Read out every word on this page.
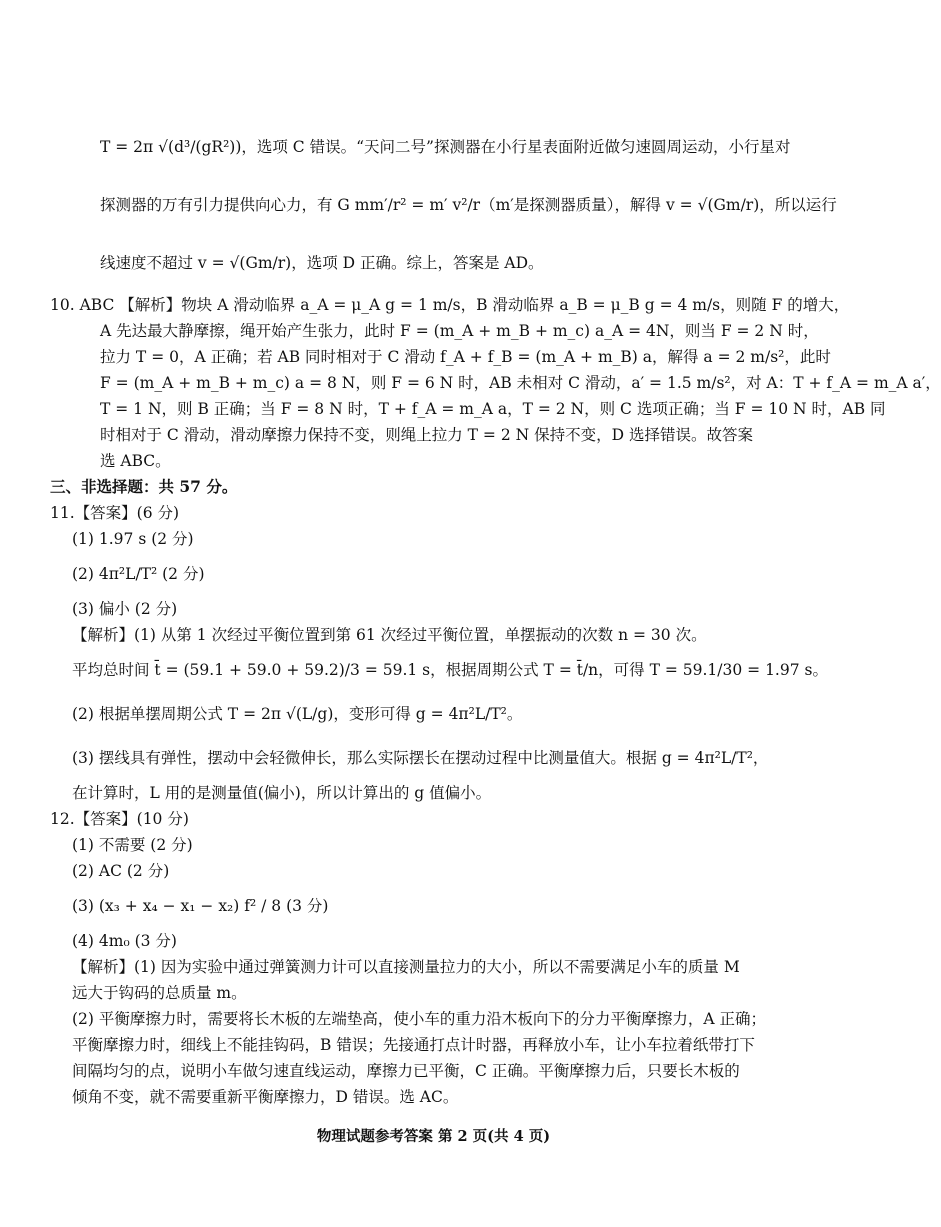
T = 2π √(d³/(gR²))，选项 C 错误。“天问二号”探测器在小行星表面附近做匀速圆周运动，小行星对
探测器的万有引力提供向心力，有 G mm′/r² = m′ v²/r（m′是探测器质量），解得 v = √(Gm/r)，所以运行
线速度不超过 v = √(Gm/r)，选项 D 正确。综上，答案是 AD。
10. ABC 【解析】物块 A 滑动临界 a_A = μ_A g = 1 m/s，B 滑动临界 a_B = μ_B g = 4 m/s，则随 F 的增大，
A 先达最大静摩擦，绳开始产生张力，此时 F = (m_A + m_B + m_c) a_A = 4N，则当 F = 2 N 时，
拉力 T = 0，A 正确；若 AB 同时相对于 C 滑动 f_A + f_B = (m_A + m_B) a，解得 a = 2 m/s²，此时
F = (m_A + m_B + m_c) a = 8 N，则 F = 6 N 时，AB 未相对 C 滑动，a′ = 1.5 m/s²，对 A：T + f_A = m_A a′，
T = 1 N，则 B 正确；当 F = 8 N 时，T + f_A = m_A a，T = 2 N，则 C 选项正确；当 F = 10 N 时，AB 同
时相对于 C 滑动，滑动摩擦力保持不变，则绳上拉力 T = 2 N 保持不变，D 选择错误。故答案
选 ABC。
三、非选择题：共 57 分。
11.【答案】(6 分)
(1) 1.97 s (2 分)
(2) 4π²L/T² (2 分)
(3) 偏小 (2 分)
【解析】(1) 从第 1 次经过平衡位置到第 61 次经过平衡位置，单摆振动的次数 n = 30 次。
平均总时间 t̄ = (59.1 + 59.0 + 59.2)/3 = 59.1 s，根据周期公式 T = t̄/n，可得 T = 59.1/30 = 1.97 s。
(2) 根据单摆周期公式 T = 2π √(L/g)，变形可得 g = 4π²L/T²。
(3) 摆线具有弹性，摆动中会轻微伸长，那么实际摆长在摆动过程中比测量值大。根据 g = 4π²L/T²，
在计算时，L 用的是测量值(偏小)，所以计算出的 g 值偏小。
12.【答案】(10 分)
(1) 不需要 (2 分)
(2) AC (2 分)
(3) (x₃ + x₄ − x₁ − x₂) f² / 8 (3 分)
(4) 4m₀ (3 分)
【解析】(1) 因为实验中通过弹簧测力计可以直接测量拉力的大小，所以不需要满足小车的质量 M
远大于钩码的总质量 m。
(2) 平衡摩擦力时，需要将长木板的左端垫高，使小车的重力沿木板向下的分力平衡摩擦力，A 正确；
平衡摩擦力时，细线上不能挂钩码，B 错误；先接通打点计时器，再释放小车，让小车拉着纸带打下
间隔均匀的点，说明小车做匀速直线运动，摩擦力已平衡，C 正确。平衡摩擦力后，只要长木板的
倾角不变，就不需要重新平衡摩擦力，D 错误。选 AC。
物理试题参考答案 第 2 页(共 4 页)
